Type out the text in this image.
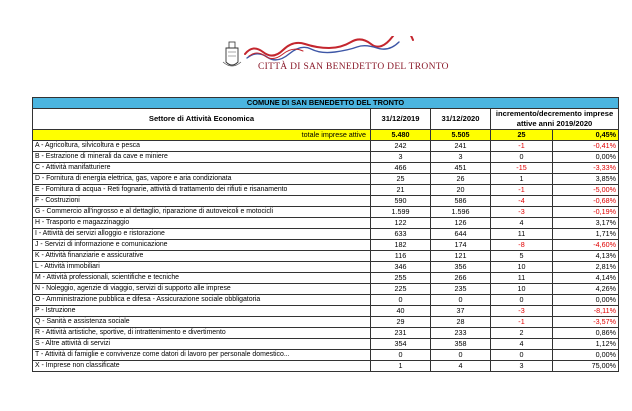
CITTÀ DI SAN BENEDETTO DEL TRONTO
COMUNE DI SAN BENEDETTO DEL TRONTO				
Settore di Attività Economica	31/12/2019	31/12/2020	incremento/decremento imprese attive anni 2019/2020	
totale imprese attive	5.480	5.505	25	0,45%
A - Agricoltura, silvicoltura e pesca	242	241	-1	-0,41%
B - Estrazione di minerali da cave e miniere	3	3	0	0,00%
C - Attività manifatturiere	466	451	-15	-3,33%
D - Fornitura di energia elettrica, gas, vapore e aria condizionata	25	26	1	3,85%
E - Fornitura di acqua - Reti fognarie, attività di trattamento dei rifiuti e risanamento	21	20	-1	-5,00%
F - Costruzioni	590	586	-4	-0,68%
G - Commercio all'ingrosso e al dettaglio, riparazione di autoveicoli e motocicli	1.599	1.596	-3	-0,19%
H - Trasporto e magazzinaggio	122	126	4	3,17%
I - Attività dei servizi alloggio e ristorazione	633	644	11	1,71%
J - Servizi di informazione e comunicazione	182	174	-8	-4,60%
K - Attività finanziarie e assicurative	116	121	5	4,13%
L - Attività immobiliari	346	356	10	2,81%
M - Attività professionali, scientifiche e tecniche	255	266	11	4,14%
N - Noleggio, agenzie di viaggio, servizi di supporto alle imprese	225	235	10	4,26%
O - Amministrazione pubblica e difesa - Assicurazione sociale obbligatoria	0	0	0	0,00%
P - Istruzione	40	37	-3	-8,11%
Q - Sanità e assistenza sociale	29	28	-1	-3,57%
R - Attività artistiche, sportive, di intrattenimento e divertimento	231	233	2	0,86%
S - Altre attività di servizi	354	358	4	1,12%
T - Attività di famiglie e convivenze come datori di lavoro per personale domestico...	0	0	0	0,00%
X - Imprese non classificate	1	4	3	75,00%
